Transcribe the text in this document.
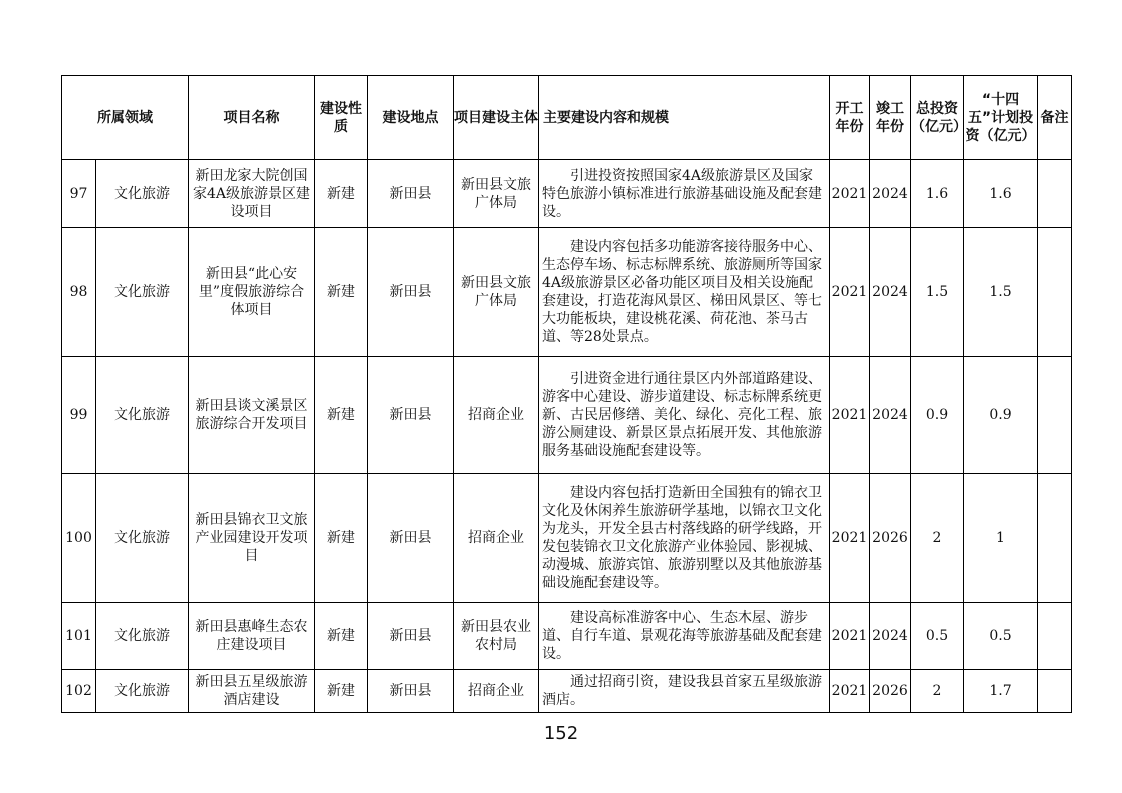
所属领域		项目名称	建设性质	建设地点	项目建设主体	主要建设内容和规模	开工年份	竣工年份	总投资（亿元）	“十四五”计划投资（亿元）	备注
97	文化旅游	新田龙家大院创国家4A级旅游景区建设项目	新建	新田县	新田县文旅广体局	引进投资按照国家4A级旅游景区及国家特色旅游小镇标准进行旅游基础设施及配套建设。	2021	2024	1.6	1.6	
98	文化旅游	新田县“此心安里”度假旅游综合体项目	新建	新田县	新田县文旅广体局	建设内容包括多功能游客接待服务中心、生态停车场、标志标牌系统、旅游厕所等国家4A级旅游景区必备功能区项目及相关设施配套建设，打造花海风景区、梯田风景区、等七大功能板块，建设桃花溪、荷花池、茶马古道、等28处景点。	2021	2024	1.5	1.5	
99	文化旅游	新田县谈文溪景区旅游综合开发项目	新建	新田县	招商企业	引进资金进行通往景区内外部道路建设、游客中心建设、游步道建设、标志标牌系统更新、古民居修缮、美化、绿化、亮化工程、旅游公厕建设、新景区景点拓展开发、其他旅游服务基础设施配套建设等。	2021	2024	0.9	0.9	
100	文化旅游	新田县锦衣卫文旅产业园建设开发项目	新建	新田县	招商企业	建设内容包括打造新田全国独有的锦衣卫文化及休闲养生旅游研学基地，以锦衣卫文化为龙头，开发全县古村落线路的研学线路，开发包装锦衣卫文化旅游产业体验园、影视城、动漫城、旅游宾馆、旅游别墅以及其他旅游基础设施配套建设等。	2021	2026	2	1	
101	文化旅游	新田县惠峰生态农庄建设项目	新建	新田县	新田县农业农村局	建设高标准游客中心、生态木屋、游步道、自行车道、景观花海等旅游基础及配套建设。	2021	2024	0.5	0.5	
102	文化旅游	新田县五星级旅游酒店建设	新建	新田县	招商企业	通过招商引资，建设我县首家五星级旅游酒店。	2021	2026	2	1.7	
152
